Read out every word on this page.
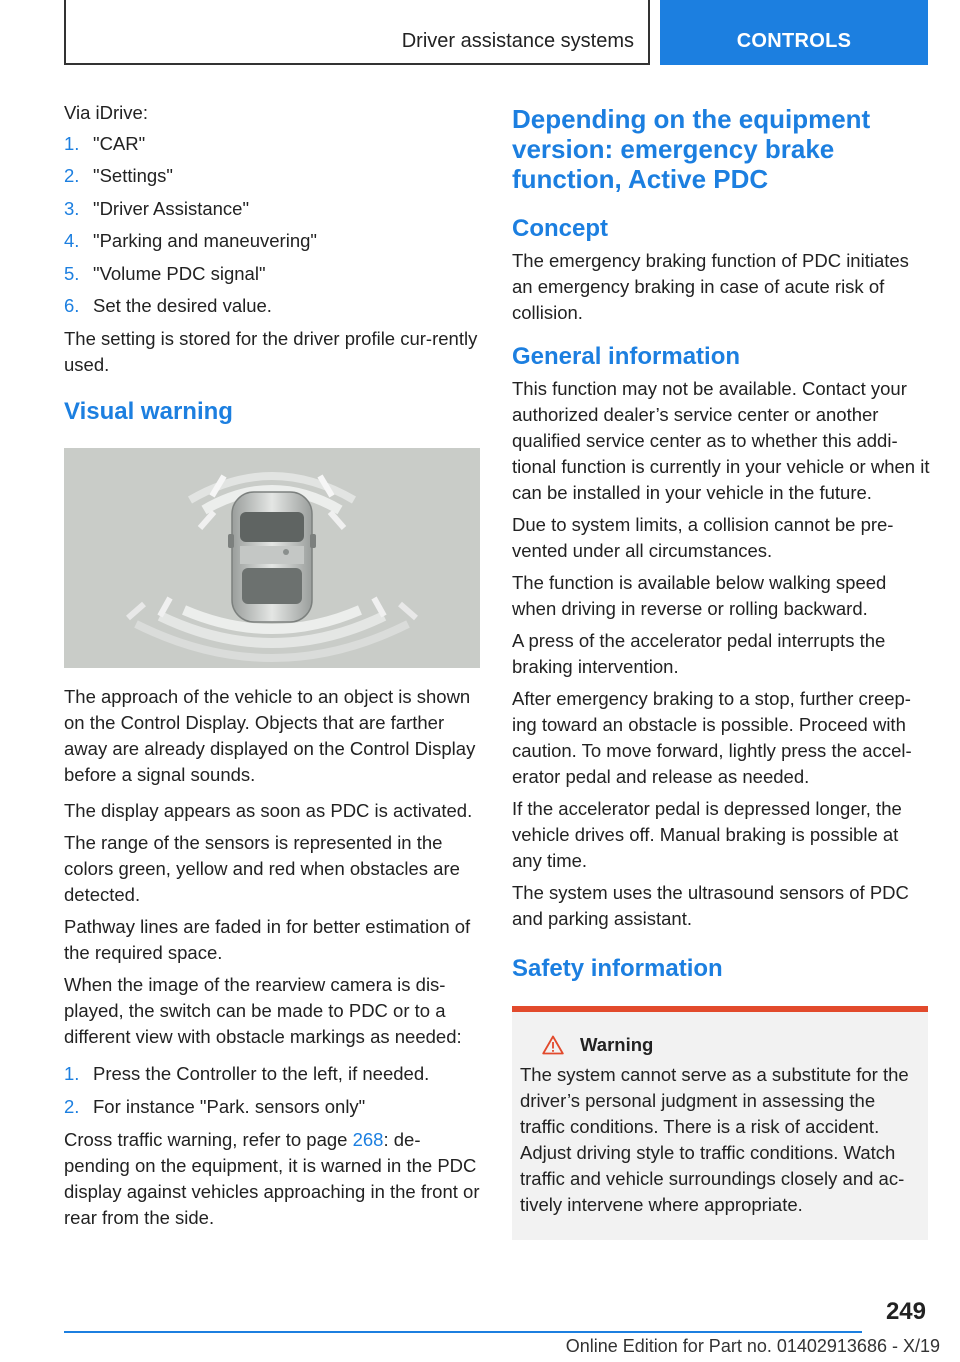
Driver assistance systems	CONTROLS

Via iDrive:

1. "CAR"
2. "Settings"
3. "Driver Assistance"
4. "Parking and maneuvering"
5. "Volume PDC signal"
6. Set the desired value.

The setting is stored for the driver profile cur-rently used.

Visual warning

The approach of the vehicle to an object is shown on the Control Display. Objects that are farther away are already displayed on the Control Display before a signal sounds.

The display appears as soon as PDC is activated.

The range of the sensors is represented in the colors green, yellow and red when obstacles are detected.

Pathway lines are faded in for better estimation of the required space.

When the image of the rearview camera is dis-played, the switch can be made to PDC or to a different view with obstacle markings as needed:

1. Press the Controller to the left, if needed.
2. For instance "Park. sensors only"

Cross traffic warning, refer to page 268: de-pending on the equipment, it is warned in the PDC display against vehicles approaching in the front or rear from the side.

Depending on the equipment version: emergency brake function, Active PDC
Concept

The emergency braking function of PDC initiates an emergency braking in case of acute risk of collision.

General information

This function may not be available. Contact your authorized dealer’s service center or another qualified service center as to whether this addi-tional function is currently in your vehicle or when it can be installed in your vehicle in the future.

Due to system limits, a collision cannot be pre-vented under all circumstances.

The function is available below walking speed when driving in reverse or rolling backward.

A press of the accelerator pedal interrupts the braking intervention.

After emergency braking to a stop, further creep-ing toward an obstacle is possible. Proceed with caution. To move forward, lightly press the accel-erator pedal and release as needed.

If the accelerator pedal is depressed longer, the vehicle drives off. Manual braking is possible at any time.

The system uses the ultrasound sensors of PDC and parking assistant.

Safety information
Warning

The system cannot serve as a substitute for the driver’s personal judgment in assessing the traffic conditions. There is a risk of accident. Adjust driving style to traffic conditions. Watch traffic and vehicle surroundings closely and ac-tively intervene where appropriate.

249
Online Edition for Part no. 01402913686 - X/19
